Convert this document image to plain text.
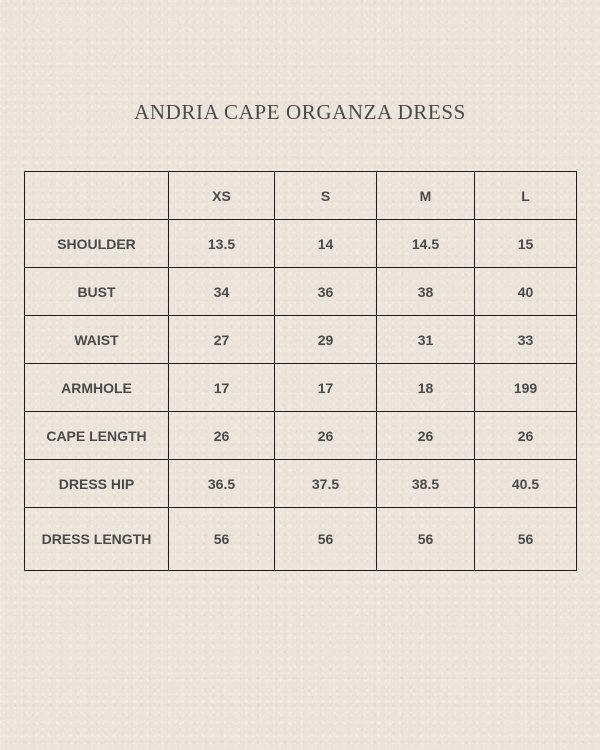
ANDRIA CAPE ORGANZA DRESS
	XS	S	M	L
SHOULDER	13.5	14	14.5	15
BUST	34	36	38	40
WAIST	27	29	31	33
ARMHOLE	17	17	18	199
CAPE LENGTH	26	26	26	26
DRESS HIP	36.5	37.5	38.5	40.5
DRESS LENGTH	56	56	56	56
